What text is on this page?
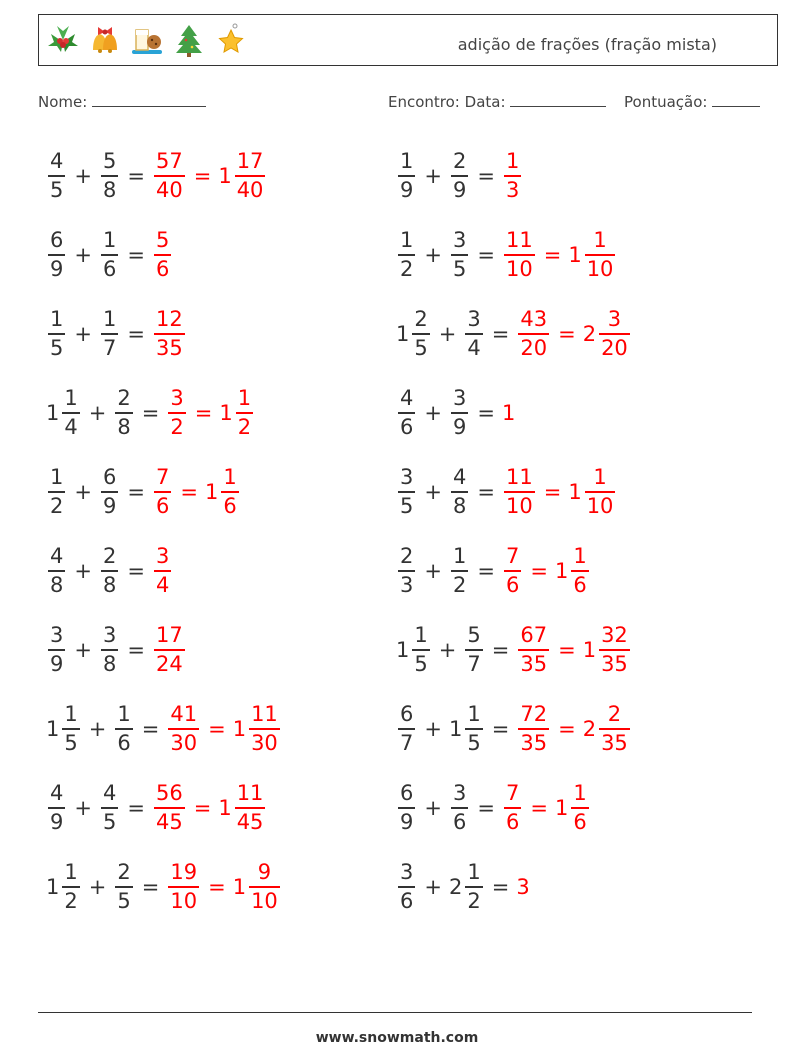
adição de frações (fração mista)
Nome:	Encontro: Data:	Pontuação:
$\frac{4}{5} + \frac{5}{8} = \frac{57}{40} = 1 \frac{17}{40}$
$\frac{6}{9} + \frac{1}{6} = \frac{5}{6}$
$\frac{1}{5} + \frac{1}{7} = \frac{12}{35}$
$1 \frac{1}{4} + \frac{2}{8} = \frac{3}{2} = 1 \frac{1}{2}$
$\frac{1}{2} + \frac{6}{9} = \frac{7}{6} = 1 \frac{1}{6}$
$\frac{4}{8} + \frac{2}{8} = \frac{3}{4}$
$\frac{3}{9} + \frac{3}{8} = \frac{17}{24}$
$1 \frac{1}{5} + \frac{1}{6} = \frac{41}{30} = 1 \frac{11}{30}$
$\frac{4}{9} + \frac{4}{5} = \frac{56}{45} = 1 \frac{11}{45}$
$1 \frac{1}{2} + \frac{2}{5} = \frac{19}{10} = 1 \frac{9}{10}$
$\frac{1}{9} + \frac{2}{9} = \frac{1}{3}$
$\frac{1}{2} + \frac{3}{5} = \frac{11}{10} = 1 \frac{1}{10}$
$1 \frac{2}{5} + \frac{3}{4} = \frac{43}{20} = 2 \frac{3}{20}$
$\frac{4}{6} + \frac{3}{9} = 1$
$\frac{3}{5} + \frac{4}{8} = \frac{11}{10} = 1 \frac{1}{10}$
$\frac{2}{3} + \frac{1}{2} = \frac{7}{6} = 1 \frac{1}{6}$
$1 \frac{1}{5} + \frac{5}{7} = \frac{67}{35} = 1 \frac{32}{35}$
$\frac{6}{7} + 1 \frac{1}{5} = \frac{72}{35} = 2 \frac{2}{35}$
$\frac{6}{9} + \frac{3}{6} = \frac{7}{6} = 1 \frac{1}{6}$
$\frac{3}{6} + 2 \frac{1}{2} = 3$
www.snowmath.com
